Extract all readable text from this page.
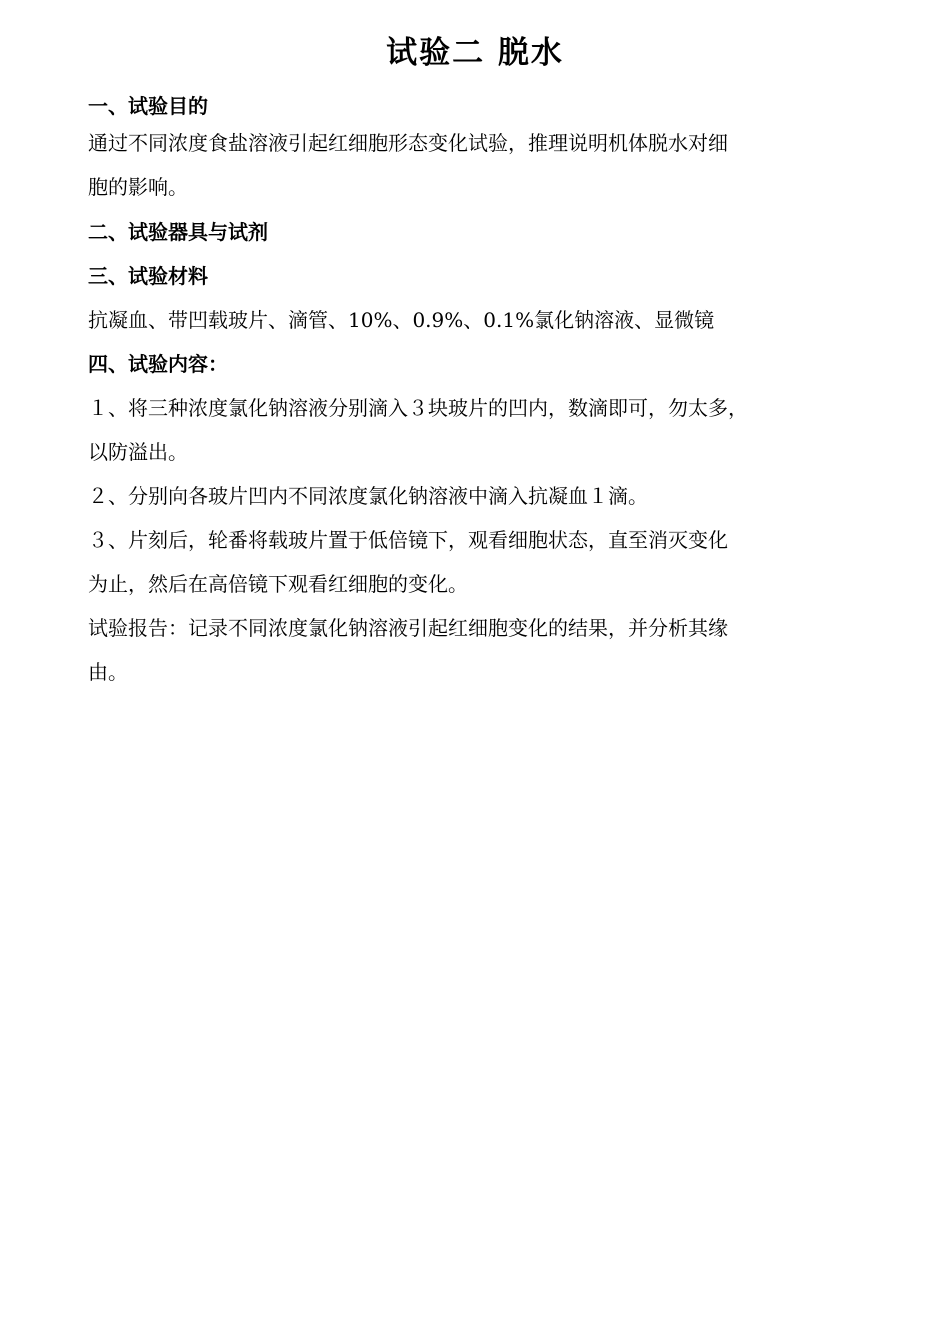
试验二 脱水
一、试验目的
通过不同浓度食盐溶液引起红细胞形态变化试验，推理说明机体脱水对细
胞的影响。
二、试验器具与试剂
三、试验材料
抗凝血、带凹载玻片、滴管、10%、0.9%、0.1%氯化钠溶液、显微镜
四、试验内容：
１、将三种浓度氯化钠溶液分别滴入３块玻片的凹内，数滴即可，勿太多，
以防溢出。
２、分别向各玻片凹内不同浓度氯化钠溶液中滴入抗凝血１滴。
３、片刻后，轮番将载玻片置于低倍镜下，观看细胞状态，直至消灭变化
为止，然后在高倍镜下观看红细胞的变化。
试验报告：记录不同浓度氯化钠溶液引起红细胞变化的结果，并分析其缘
由。
